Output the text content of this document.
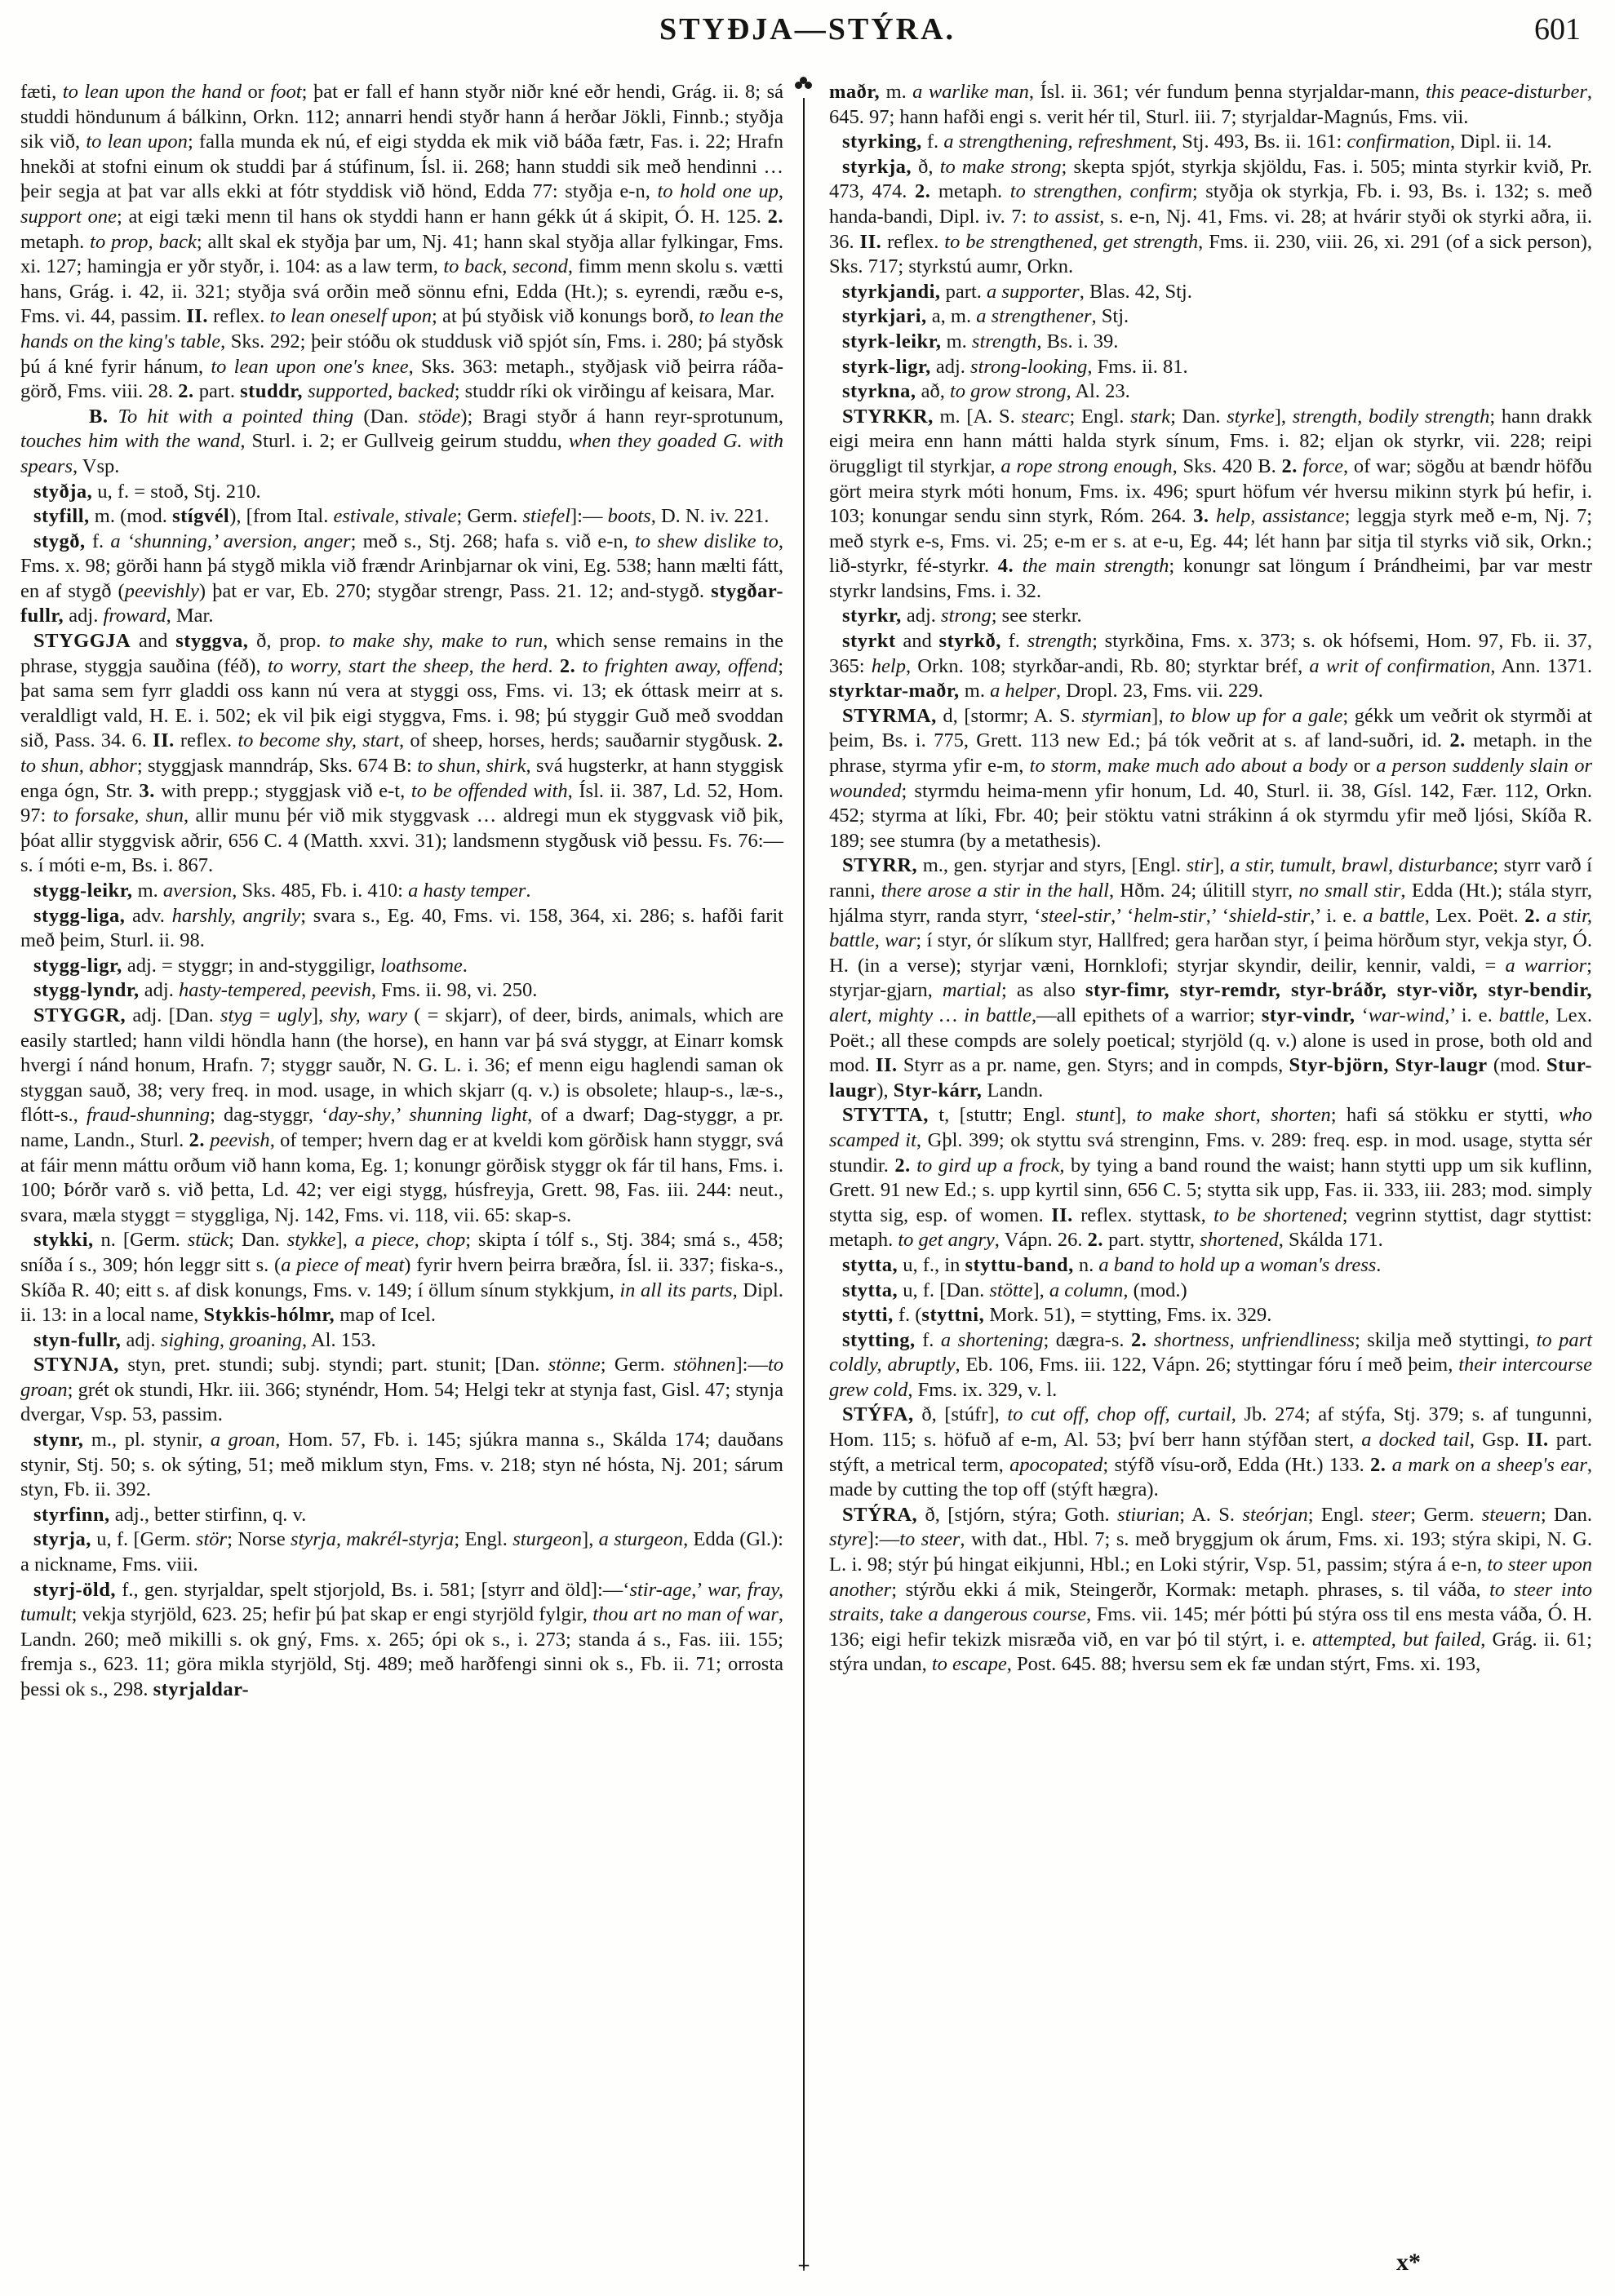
STYÐJA—STÝRA.	601

fæti, to lean upon the hand or foot; þat er fall ef hann styðr niðr kné eðr hendi, Grág. ii. 8; sá studdi höndunum á bálkinn, Orkn. 112; annarri hendi styðr hann á herðar Jökli, Finnb.; styðja sik við, to lean upon; falla munda ek nú, ef eigi stydda ek mik við báða fætr, Fas. i. 22; Hrafn hnekði at stofni einum ok studdi þar á stúfinum, Ísl. ii. 268; hann studdi sik með hendinni … þeir segja at þat var alls ekki at fótr styddisk við hönd, Edda 77: styðja e-n, to hold one up, support one; at eigi tæki menn til hans ok styddi hann er hann gékk út á skipit, Ó. H. 125. 2. metaph. to prop, back; allt skal ek styðja þar um, Nj. 41; hann skal styðja allar fylkingar, Fms. xi. 127; hamingja er yðr styðr, i. 104: as a law term, to back, second, fimm menn skolu s. vætti hans, Grág. i. 42, ii. 321; styðja svá orðin með sönnu efni, Edda (Ht.); s. eyrendi, ræðu e-s, Fms. vi. 44, passim. II. reflex. to lean oneself upon; at þú styðisk við konungs borð, to lean the hands on the king's table, Sks. 292; þeir stóðu ok studdusk við spjót sín, Fms. i. 280; þá styðsk þú á kné fyrir hánum, to lean upon one's knee, Sks. 363: metaph., styðjask við þeirra ráða-görð, Fms. viii. 28. 2. part. studdr, supported, backed; studdr ríki ok virðingu af keisara, Mar.

B. To hit with a pointed thing (Dan. stöde); Bragi styðr á hann reyr-sprotunum, touches him with the wand, Sturl. i. 2; er Gullveig geirum studdu, when they goaded G. with spears, Vsp.

styðja, u, f. = stoð, Stj. 210.

styfill, m. (mod. stígvél), [from Ital. estivale, stivale; Germ. stiefel]:— boots, D. N. iv. 221.

stygð, f. a ‘shunning,’ aversion, anger; með s., Stj. 268; hafa s. við e-n, to shew dislike to, Fms. x. 98; görði hann þá stygð mikla við frændr Arinbjarnar ok vini, Eg. 538; hann mælti fátt, en af stygð (peevishly) þat er var, Eb. 270; stygðar strengr, Pass. 21. 12; and-stygð. stygðar-fullr, adj. froward, Mar.

STYGGJA and styggva, ð, prop. to make shy, make to run, which sense remains in the phrase, styggja sauðina (féð), to worry, start the sheep, the herd. 2. to frighten away, offend; þat sama sem fyrr gladdi oss kann nú vera at styggi oss, Fms. vi. 13; ek óttask meirr at s. veraldligt vald, H. E. i. 502; ek vil þik eigi styggva, Fms. i. 98; þú styggir Guð með svoddan sið, Pass. 34. 6. II. reflex. to become shy, start, of sheep, horses, herds; sauðarnir stygðusk. 2. to shun, abhor; styggjask manndráp, Sks. 674 B: to shun, shirk, svá hugsterkr, at hann styggisk enga ógn, Str. 3. with prepp.; styggjask við e-t, to be offended with, Ísl. ii. 387, Ld. 52, Hom. 97: to forsake, shun, allir munu þér við mik styggvask … aldregi mun ek styggvask við þik, þóat allir styggvisk aðrir, 656 C. 4 (Matth. xxvi. 31); landsmenn stygðusk við þessu. Fs. 76:—s. í móti e-m, Bs. i. 867.

stygg-leikr, m. aversion, Sks. 485, Fb. i. 410: a hasty temper.

stygg-liga, adv. harshly, angrily; svara s., Eg. 40, Fms. vi. 158, 364, xi. 286; s. hafði farit með þeim, Sturl. ii. 98.

stygg-ligr, adj. = styggr; in and-styggiligr, loathsome.

stygg-lyndr, adj. hasty-tempered, peevish, Fms. ii. 98, vi. 250.

STYGGR, adj. [Dan. styg = ugly], shy, wary ( = skjarr), of deer, birds, animals, which are easily startled; hann vildi höndla hann (the horse), en hann var þá svá styggr, at Einarr komsk hvergi í nánd honum, Hrafn. 7; styggr sauðr, N. G. L. i. 36; ef menn eigu haglendi saman ok styggan sauð, 38; very freq. in mod. usage, in which skjarr (q. v.) is obsolete; hlaup-s., læ-s., flótt-s., fraud-shunning; dag-styggr, ‘day-shy,’ shunning light, of a dwarf; Dag-styggr, a pr. name, Landn., Sturl. 2. peevish, of temper; hvern dag er at kveldi kom görðisk hann styggr, svá at fáir menn máttu orðum við hann koma, Eg. 1; konungr görðisk styggr ok fár til hans, Fms. i. 100; Þórðr varð s. við þetta, Ld. 42; ver eigi stygg, húsfreyja, Grett. 98, Fas. iii. 244: neut., svara, mæla styggt = styggliga, Nj. 142, Fms. vi. 118, vii. 65: skap-s.

stykki, n. [Germ. stück; Dan. stykke], a piece, chop; skipta í tólf s., Stj. 384; smá s., 458; sníða í s., 309; hón leggr sitt s. (a piece of meat) fyrir hvern þeirra bræðra, Ísl. ii. 337; fiska-s., Skíða R. 40; eitt s. af disk konungs, Fms. v. 149; í öllum sínum stykkjum, in all its parts, Dipl. ii. 13: in a local name, Stykkis-hólmr, map of Icel.

styn-fullr, adj. sighing, groaning, Al. 153.

STYNJA, styn, pret. stundi; subj. styndi; part. stunit; [Dan. stönne; Germ. stöhnen]:—to groan; grét ok stundi, Hkr. iii. 366; stynéndr, Hom. 54; Helgi tekr at stynja fast, Gisl. 47; stynja dvergar, Vsp. 53, passim.

stynr, m., pl. stynir, a groan, Hom. 57, Fb. i. 145; sjúkra manna s., Skálda 174; dauðans stynir, Stj. 50; s. ok sýting, 51; með miklum styn, Fms. v. 218; styn né hósta, Nj. 201; sárum styn, Fb. ii. 392.

styrfinn, adj., better stirfinn, q. v.

styrja, u, f. [Germ. stör; Norse styrja, makrél-styrja; Engl. sturgeon], a sturgeon, Edda (Gl.): a nickname, Fms. viii.

styrj-öld, f., gen. styrjaldar, spelt stjorjold, Bs. i. 581; [styrr and öld]:—‘stir-age,’ war, fray, tumult; vekja styrjöld, 623. 25; hefir þú þat skap er engi styrjöld fylgir, thou art no man of war, Landn. 260; með mikilli s. ok gný, Fms. x. 265; ópi ok s., i. 273; standa á s., Fas. iii. 155; fremja s., 623. 11; göra mikla styrjöld, Stj. 489; með harðfengi sinni ok s., Fb. ii. 71; orrosta þessi ok s., 298. styrjaldar-

maðr, m. a warlike man, Ísl. ii. 361; vér fundum þenna styrjaldar-mann, this peace-disturber, 645. 97; hann hafði engi s. verit hér til, Sturl. iii. 7; styrjaldar-Magnús, Fms. vii.

styrking, f. a strengthening, refreshment, Stj. 493, Bs. ii. 161: confirmation, Dipl. ii. 14.

styrkja, ð, to make strong; skepta spjót, styrkja skjöldu, Fas. i. 505; minta styrkir kvið, Pr. 473, 474. 2. metaph. to strengthen, confirm; styðja ok styrkja, Fb. i. 93, Bs. i. 132; s. með handa-bandi, Dipl. iv. 7: to assist, s. e-n, Nj. 41, Fms. vi. 28; at hvárir styði ok styrki aðra, ii. 36. II. reflex. to be strengthened, get strength, Fms. ii. 230, viii. 26, xi. 291 (of a sick person), Sks. 717; styrkstú aumr, Orkn.

styrkjandi, part. a supporter, Blas. 42, Stj.

styrkjari, a, m. a strengthener, Stj.

styrk-leikr, m. strength, Bs. i. 39.

styrk-ligr, adj. strong-looking, Fms. ii. 81.

styrkna, að, to grow strong, Al. 23.

STYRKR, m. [A. S. stearc; Engl. stark; Dan. styrke], strength, bodily strength; hann drakk eigi meira enn hann mátti halda styrk sínum, Fms. i. 82; eljan ok styrkr, vii. 228; reipi öruggligt til styrkjar, a rope strong enough, Sks. 420 B. 2. force, of war; sögðu at bændr höfðu gört meira styrk móti honum, Fms. ix. 496; spurt höfum vér hversu mikinn styrk þú hefir, i. 103; konungar sendu sinn styrk, Róm. 264. 3. help, assistance; leggja styrk með e-m, Nj. 7; með styrk e-s, Fms. vi. 25; e-m er s. at e-u, Eg. 44; lét hann þar sitja til styrks við sik, Orkn.; lið-styrkr, fé-styrkr. 4. the main strength; konungr sat löngum í Þrándheimi, þar var mestr styrkr landsins, Fms. i. 32.

styrkr, adj. strong; see sterkr.

styrkt and styrkð, f. strength; styrkðina, Fms. x. 373; s. ok hófsemi, Hom. 97, Fb. ii. 37, 365: help, Orkn. 108; styrkðar-andi, Rb. 80; styrktar bréf, a writ of confirmation, Ann. 1371. styrktar-maðr, m. a helper, Dropl. 23, Fms. vii. 229.

STYRMA, d, [stormr; A. S. styrmian], to blow up for a gale; gékk um veðrit ok styrmði at þeim, Bs. i. 775, Grett. 113 new Ed.; þá tók veðrit at s. af land-suðri, id. 2. metaph. in the phrase, styrma yfir e-m, to storm, make much ado about a body or a person suddenly slain or wounded; styrmdu heima-menn yfir honum, Ld. 40, Sturl. ii. 38, Gísl. 142, Fær. 112, Orkn. 452; styrma at líki, Fbr. 40; þeir stöktu vatni strákinn á ok styrmdu yfir með ljósi, Skíða R. 189; see stumra (by a metathesis).

STYRR, m., gen. styrjar and styrs, [Engl. stir], a stir, tumult, brawl, disturbance; styrr varð í ranni, there arose a stir in the hall, Hðm. 24; úlitill styrr, no small stir, Edda (Ht.); stála styrr, hjálma styrr, randa styrr, ‘steel-stir,’ ‘helm-stir,’ ‘shield-stir,’ i. e. a battle, Lex. Poët. 2. a stir, battle, war; í styr, ór slíkum styr, Hallfred; gera harðan styr, í þeima hörðum styr, vekja styr, Ó. H. (in a verse); styrjar væni, Hornklofi; styrjar skyndir, deilir, kennir, valdi, = a warrior; styrjar-gjarn, martial; as also styr-fimr, styr-remdr, styr-bráðr, styr-viðr, styr-bendir, alert, mighty … in battle,—all epithets of a warrior; styr-vindr, ‘war-wind,’ i. e. battle, Lex. Poët.; all these compds are solely poetical; styrjöld (q. v.) alone is used in prose, both old and mod. II. Styrr as a pr. name, gen. Styrs; and in compds, Styr-björn, Styr-laugr (mod. Stur-laugr), Styr-kárr, Landn.

STYTTA, t, [stuttr; Engl. stunt], to make short, shorten; hafi sá stökku er stytti, who scamped it, Gþl. 399; ok styttu svá strenginn, Fms. v. 289: freq. esp. in mod. usage, stytta sér stundir. 2. to gird up a frock, by tying a band round the waist; hann stytti upp um sik kuflinn, Grett. 91 new Ed.; s. upp kyrtil sinn, 656 C. 5; stytta sik upp, Fas. ii. 333, iii. 283; mod. simply stytta sig, esp. of women. II. reflex. styttask, to be shortened; vegrinn styttist, dagr styttist: metaph. to get angry, Vápn. 26. 2. part. styttr, shortened, Skálda 171.

stytta, u, f., in styttu-band, n. a band to hold up a woman's dress.

stytta, u, f. [Dan. stötte], a column, (mod.)

stytti, f. (styttni, Mork. 51), = stytting, Fms. ix. 329.

stytting, f. a shortening; dægra-s. 2. shortness, unfriendliness; skilja með styttingi, to part coldly, abruptly, Eb. 106, Fms. iii. 122, Vápn. 26; styttingar fóru í með þeim, their intercourse grew cold, Fms. ix. 329, v. l.

STÝFA, ð, [stúfr], to cut off, chop off, curtail, Jb. 274; af stýfa, Stj. 379; s. af tungunni, Hom. 115; s. höfuð af e-m, Al. 53; því berr hann stýfðan stert, a docked tail, Gsp. II. part. stýft, a metrical term, apocopated; stýfð vísu-orð, Edda (Ht.) 133. 2. a mark on a sheep's ear, made by cutting the top off (stýft hægra).

STÝRA, ð, [stjórn, stýra; Goth. stiurian; A. S. steórjan; Engl. steer; Germ. steuern; Dan. styre]:—to steer, with dat., Hbl. 7; s. með bryggjum ok árum, Fms. xi. 193; stýra skipi, N. G. L. i. 98; stýr þú hingat eikjunni, Hbl.; en Loki stýrir, Vsp. 51, passim; stýra á e-n, to steer upon another; stýrðu ekki á mik, Steingerðr, Kormak: metaph. phrases, s. til váða, to steer into straits, take a dangerous course, Fms. vii. 145; mér þótti þú stýra oss til ens mesta váða, Ó. H. 136; eigi hefir tekizk misræða við, en var þó til stýrt, i. e. attempted, but failed, Grág. ii. 61; stýra undan, to escape, Post. 645. 88; hversu sem ek fæ undan stýrt, Fms. xi. 193,

+	x*
